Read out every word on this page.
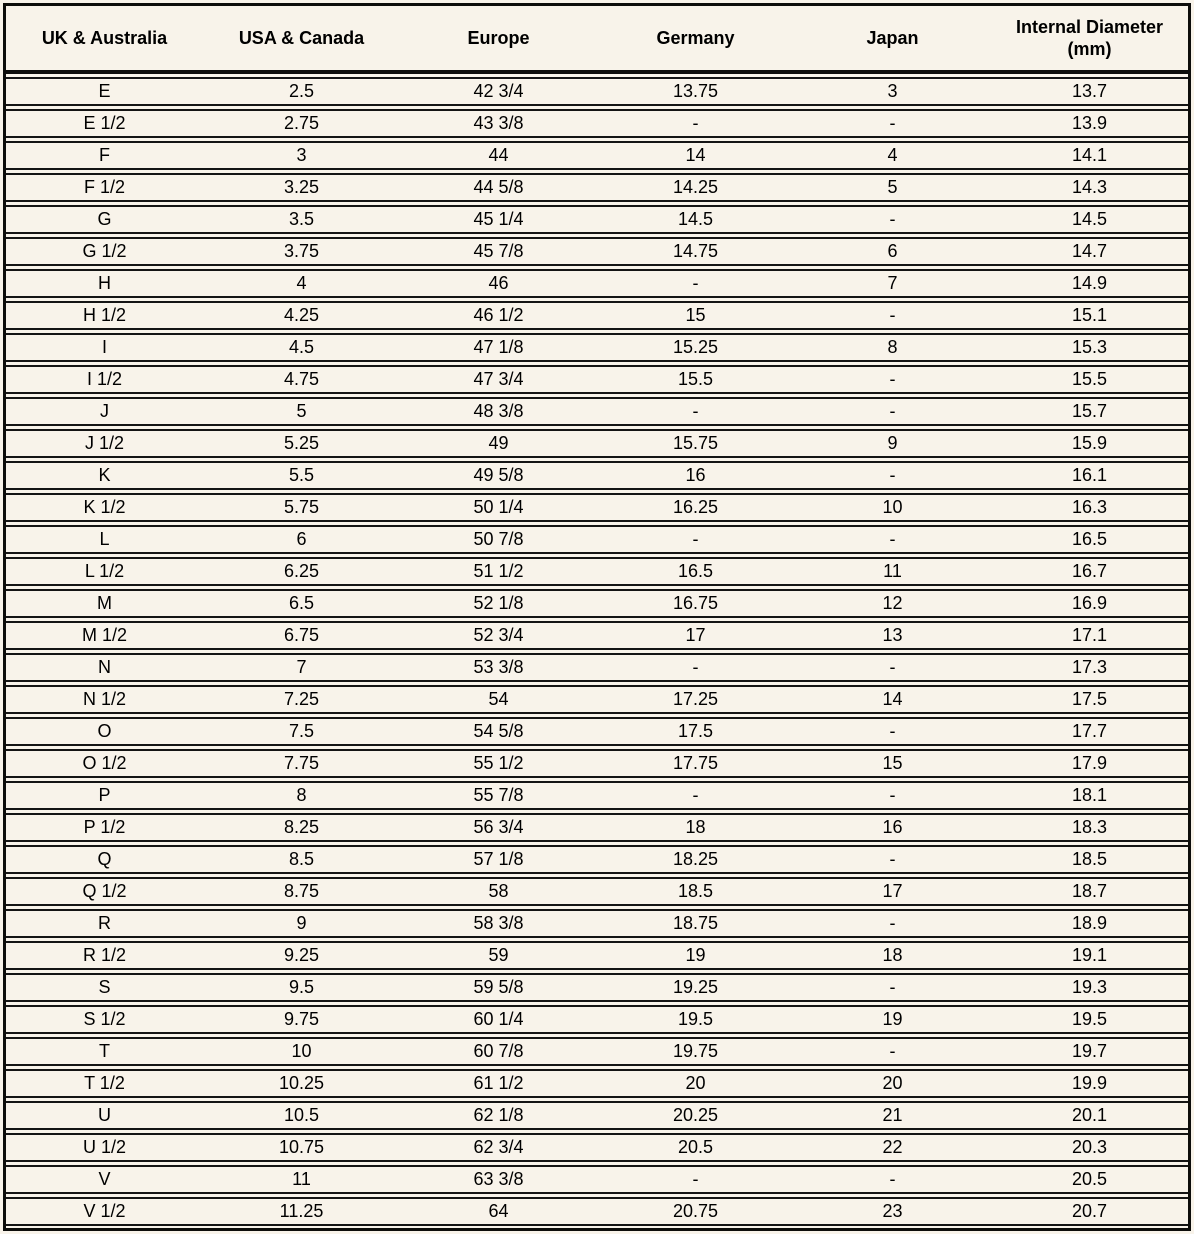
UK & Australia	USA & Canada	Europe	Germany	Japan	Internal Diameter
(mm)

E	2.5	42 3/4	13.75	3	13.7
E 1/2	2.75	43 3/8	-	-	13.9
F	3	44	14	4	14.1
F 1/2	3.25	44 5/8	14.25	5	14.3
G	3.5	45 1/4	14.5	-	14.5
G 1/2	3.75	45 7/8	14.75	6	14.7
H	4	46	-	7	14.9
H 1/2	4.25	46 1/2	15	-	15.1
I	4.5	47 1/8	15.25	8	15.3
I 1/2	4.75	47 3/4	15.5	-	15.5
J	5	48 3/8	-	-	15.7
J 1/2	5.25	49	15.75	9	15.9
K	5.5	49 5/8	16	-	16.1
K 1/2	5.75	50 1/4	16.25	10	16.3
L	6	50 7/8	-	-	16.5
L 1/2	6.25	51 1/2	16.5	11	16.7
M	6.5	52 1/8	16.75	12	16.9
M 1/2	6.75	52 3/4	17	13	17.1
N	7	53 3/8	-	-	17.3
N 1/2	7.25	54	17.25	14	17.5
O	7.5	54 5/8	17.5	-	17.7
O 1/2	7.75	55 1/2	17.75	15	17.9
P	8	55 7/8	-	-	18.1
P 1/2	8.25	56 3/4	18	16	18.3
Q	8.5	57 1/8	18.25	-	18.5
Q 1/2	8.75	58	18.5	17	18.7
R	9	58 3/8	18.75	-	18.9
R 1/2	9.25	59	19	18	19.1
S	9.5	59 5/8	19.25	-	19.3
S 1/2	9.75	60 1/4	19.5	19	19.5
T	10	60 7/8	19.75	-	19.7
T 1/2	10.25	61 1/2	20	20	19.9
U	10.5	62 1/8	20.25	21	20.1
U 1/2	10.75	62 3/4	20.5	22	20.3
V	11	63 3/8	-	-	20.5
V 1/2	11.25	64	20.75	23	20.7
